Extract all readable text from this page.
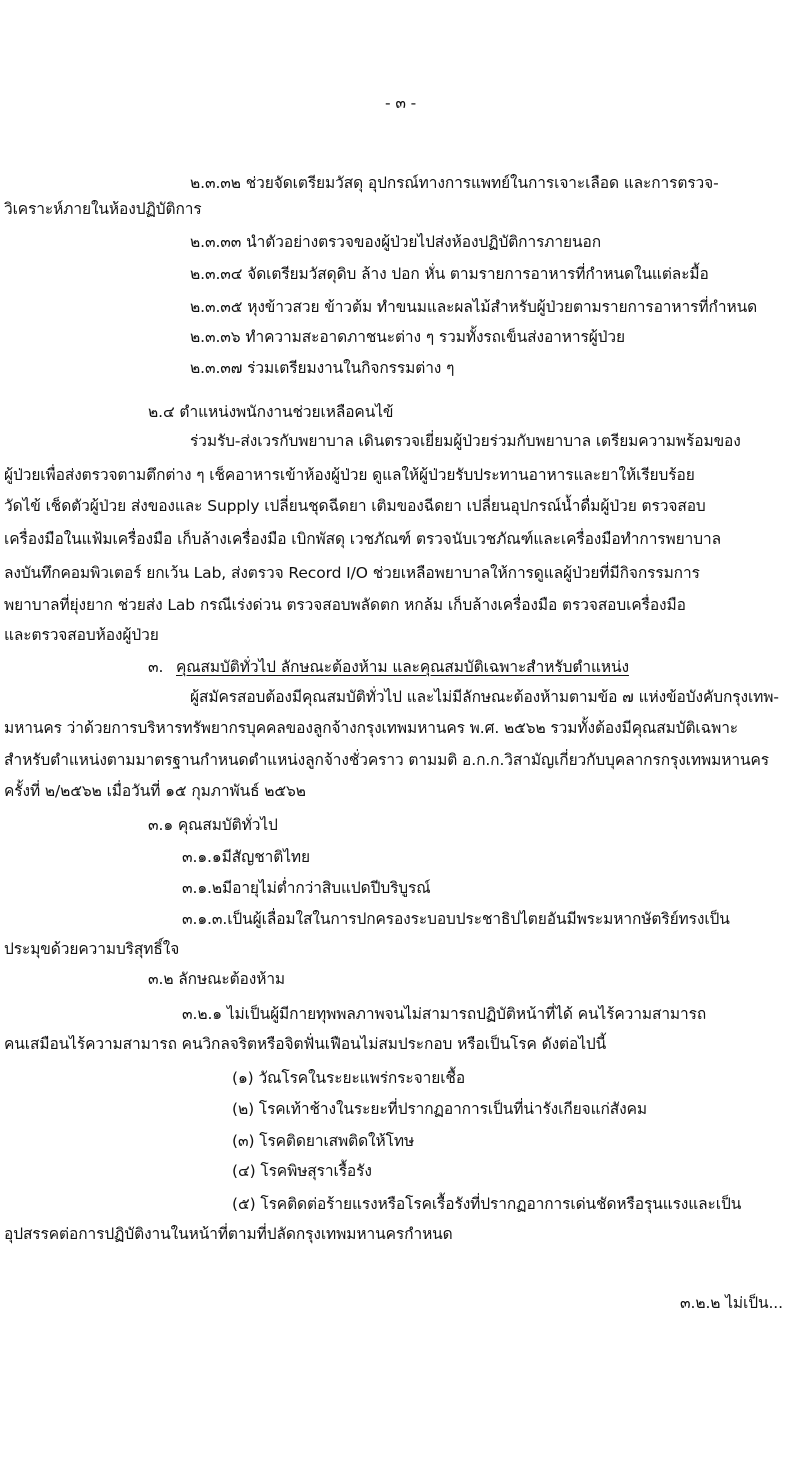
- ๓ -
๒.๓.๓๒ ช่วยจัดเตรียมวัสดุ อุปกรณ์ทางการแพทย์ในการเจาะเลือด และการตรวจ-
วิเคราะห์ภายในห้องปฏิบัติการ
๒.๓.๓๓ นำตัวอย่างตรวจของผู้ป่วยไปส่งห้องปฏิบัติการภายนอก
๒.๓.๓๔ จัดเตรียมวัสดุดิบ ล้าง ปอก หั่น ตามรายการอาหารที่กำหนดในแต่ละมื้อ
๒.๓.๓๕ หุงข้าวสวย ข้าวต้ม ทำขนมและผลไม้สำหรับผู้ป่วยตามรายการอาหารที่กำหนด
๒.๓.๓๖ ทำความสะอาดภาชนะต่าง ๆ รวมทั้งรถเข็นส่งอาหารผู้ป่วย
๒.๓.๓๗ ร่วมเตรียมงานในกิจกรรมต่าง ๆ
๒.๔ ตำแหน่งพนักงานช่วยเหลือคนไข้
ร่วมรับ-ส่งเวรกับพยาบาล เดินตรวจเยี่ยมผู้ป่วยร่วมกับพยาบาล เตรียมความพร้อมของ
ผู้ป่วยเพื่อส่งตรวจตามตึกต่าง ๆ เช็คอาหารเข้าห้องผู้ป่วย ดูแลให้ผู้ป่วยรับประทานอาหารและยาให้เรียบร้อย
วัดไข้ เช็ดตัวผู้ป่วย ส่งของและ Supply เปลี่ยนชุดฉีดยา เติมของฉีดยา เปลี่ยนอุปกรณ์น้ำดื่มผู้ป่วย ตรวจสอบ
เครื่องมือในแฟ้มเครื่องมือ เก็บล้างเครื่องมือ เบิกพัสดุ เวชภัณฑ์ ตรวจนับเวชภัณฑ์และเครื่องมือทำการพยาบาล
ลงบันทึกคอมพิวเตอร์ ยกเว้น Lab, ส่งตรวจ Record I/O ช่วยเหลือพยาบาลให้การดูแลผู้ป่วยที่มีกิจกรรมการ
พยาบาลที่ยุ่งยาก ช่วยส่ง Lab กรณีเร่งด่วน ตรวจสอบพลัดตก หกล้ม เก็บล้างเครื่องมือ ตรวจสอบเครื่องมือ
และตรวจสอบห้องผู้ป่วย
๓. คุณสมบัติทั่วไป ลักษณะต้องห้าม และคุณสมบัติเฉพาะสำหรับตำแหน่ง
ผู้สมัครสอบต้องมีคุณสมบัติทั่วไป และไม่มีลักษณะต้องห้ามตามข้อ ๗ แห่งข้อบังคับกรุงเทพ-
มหานคร ว่าด้วยการบริหารทรัพยากรบุคคลของลูกจ้างกรุงเทพมหานคร พ.ศ. ๒๕๖๒ รวมทั้งต้องมีคุณสมบัติเฉพาะ
สำหรับตำแหน่งตามมาตรฐานกำหนดตำแหน่งลูกจ้างชั่วคราว ตามมติ อ.ก.ก.วิสามัญเกี่ยวกับบุคลากรกรุงเทพมหานคร
ครั้งที่ ๒/๒๕๖๒ เมื่อวันที่ ๑๕ กุมภาพันธ์ ๒๕๖๒
๓.๑ คุณสมบัติทั่วไป
๓.๑.๑มีสัญชาติไทย
๓.๑.๒มีอายุไม่ต่ำกว่าสิบแปดปีบริบูรณ์
๓.๑.๓.เป็นผู้เลื่อมใสในการปกครองระบอบประชาธิปไตยอันมีพระมหากษัตริย์ทรงเป็น
ประมุขด้วยความบริสุทธิ์ใจ
๓.๒ ลักษณะต้องห้าม
๓.๒.๑ ไม่เป็นผู้มีกายทุพพลภาพจนไม่สามารถปฏิบัติหน้าที่ได้ คนไร้ความสามารถ
คนเสมือนไร้ความสามารถ คนวิกลจริตหรือจิตฟั่นเฟือนไม่สมประกอบ หรือเป็นโรค ดังต่อไปนี้
(๑) วัณโรคในระยะแพร่กระจายเชื้อ
(๒) โรคเท้าช้างในระยะที่ปรากฏอาการเป็นที่น่ารังเกียจแก่สังคม
(๓) โรคติดยาเสพติดให้โทษ
(๔) โรคพิษสุราเรื้อรัง
(๕) โรคติดต่อร้ายแรงหรือโรคเรื้อรังที่ปรากฏอาการเด่นชัดหรือรุนแรงและเป็น
อุปสรรคต่อการปฏิบัติงานในหน้าที่ตามที่ปลัดกรุงเทพมหานครกำหนด
๓.๒.๒ ไม่เป็น...
